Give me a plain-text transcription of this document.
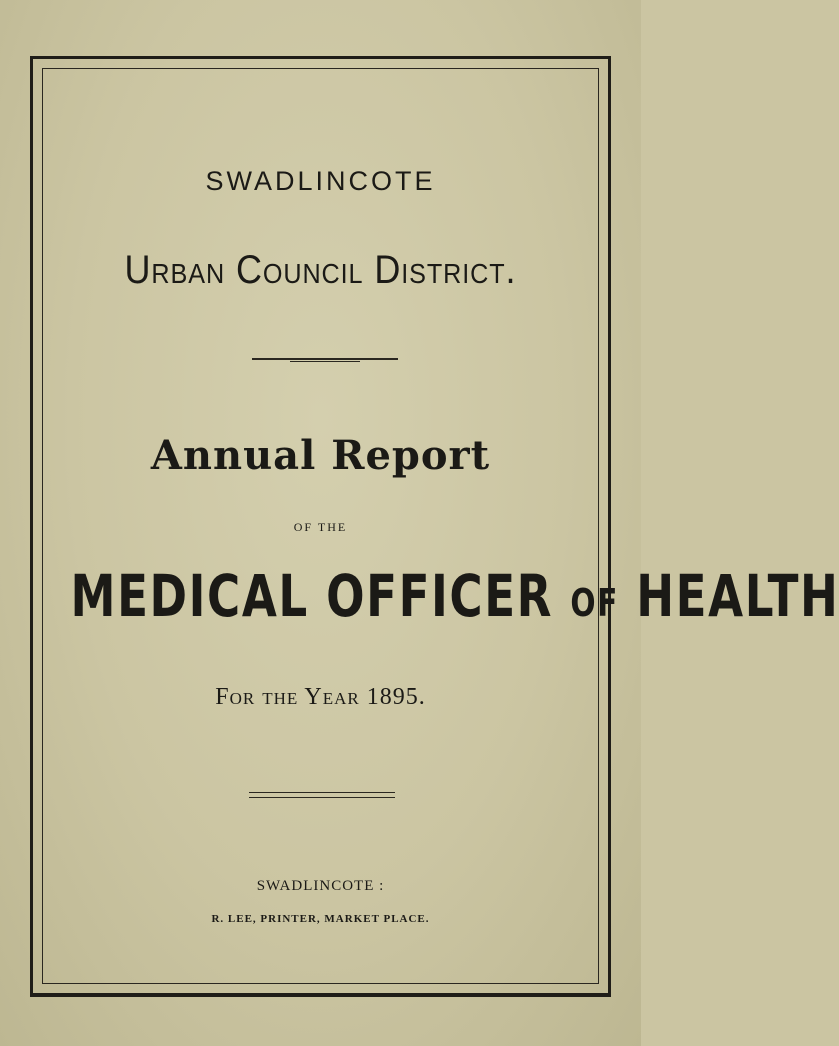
SWADLINCOTE
Urban Council District.
Annual Report
OF THE
MEDICAL OFFICER OF HEALTH
For the Year 1895.
SWADLINCOTE :
R. LEE, PRINTER, MARKET PLACE.
